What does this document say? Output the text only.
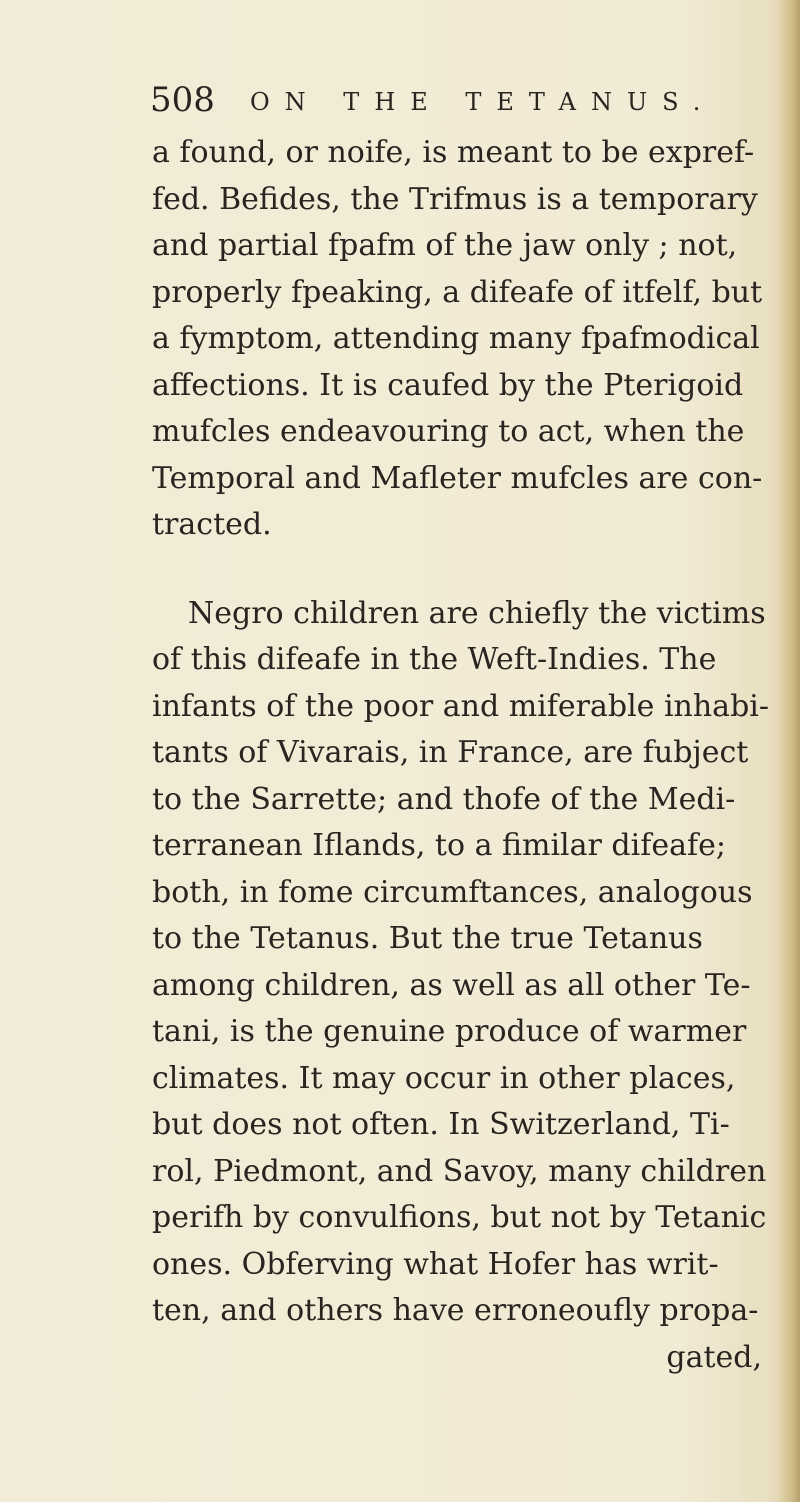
508 ON THE TETANUS.
a found, or noife, is meant to be expref-
fed. Befides, the Trifmus is a temporary
and partial fpafm of the jaw only ; not,
properly fpeaking, a difeafe of itfelf, but
a fymptom, attending many fpafmodical
affections. It is caufed by the Pterigoid
mufcles endeavouring to act, when the
Temporal and Mafleter mufcles are con-
tracted.
Negro children are chiefly the victims
of this difeafe in the Weft-Indies. The
infants of the poor and miferable inhabi-
tants of Vivarais, in France, are fubject
to the Sarrette; and thofe of the Medi-
terranean Iflands, to a fimilar difeafe;
both, in fome circumftances, analogous
to the Tetanus. But the true Tetanus
among children, as well as all other Te-
tani, is the genuine produce of warmer
climates. It may occur in other places,
but does not often. In Switzerland, Ti-
rol, Piedmont, and Savoy, many children
perifh by convulfions, but not by Tetanic
ones. Obferving what Hofer has writ-
ten, and others have erroneoufly propa-
gated,
